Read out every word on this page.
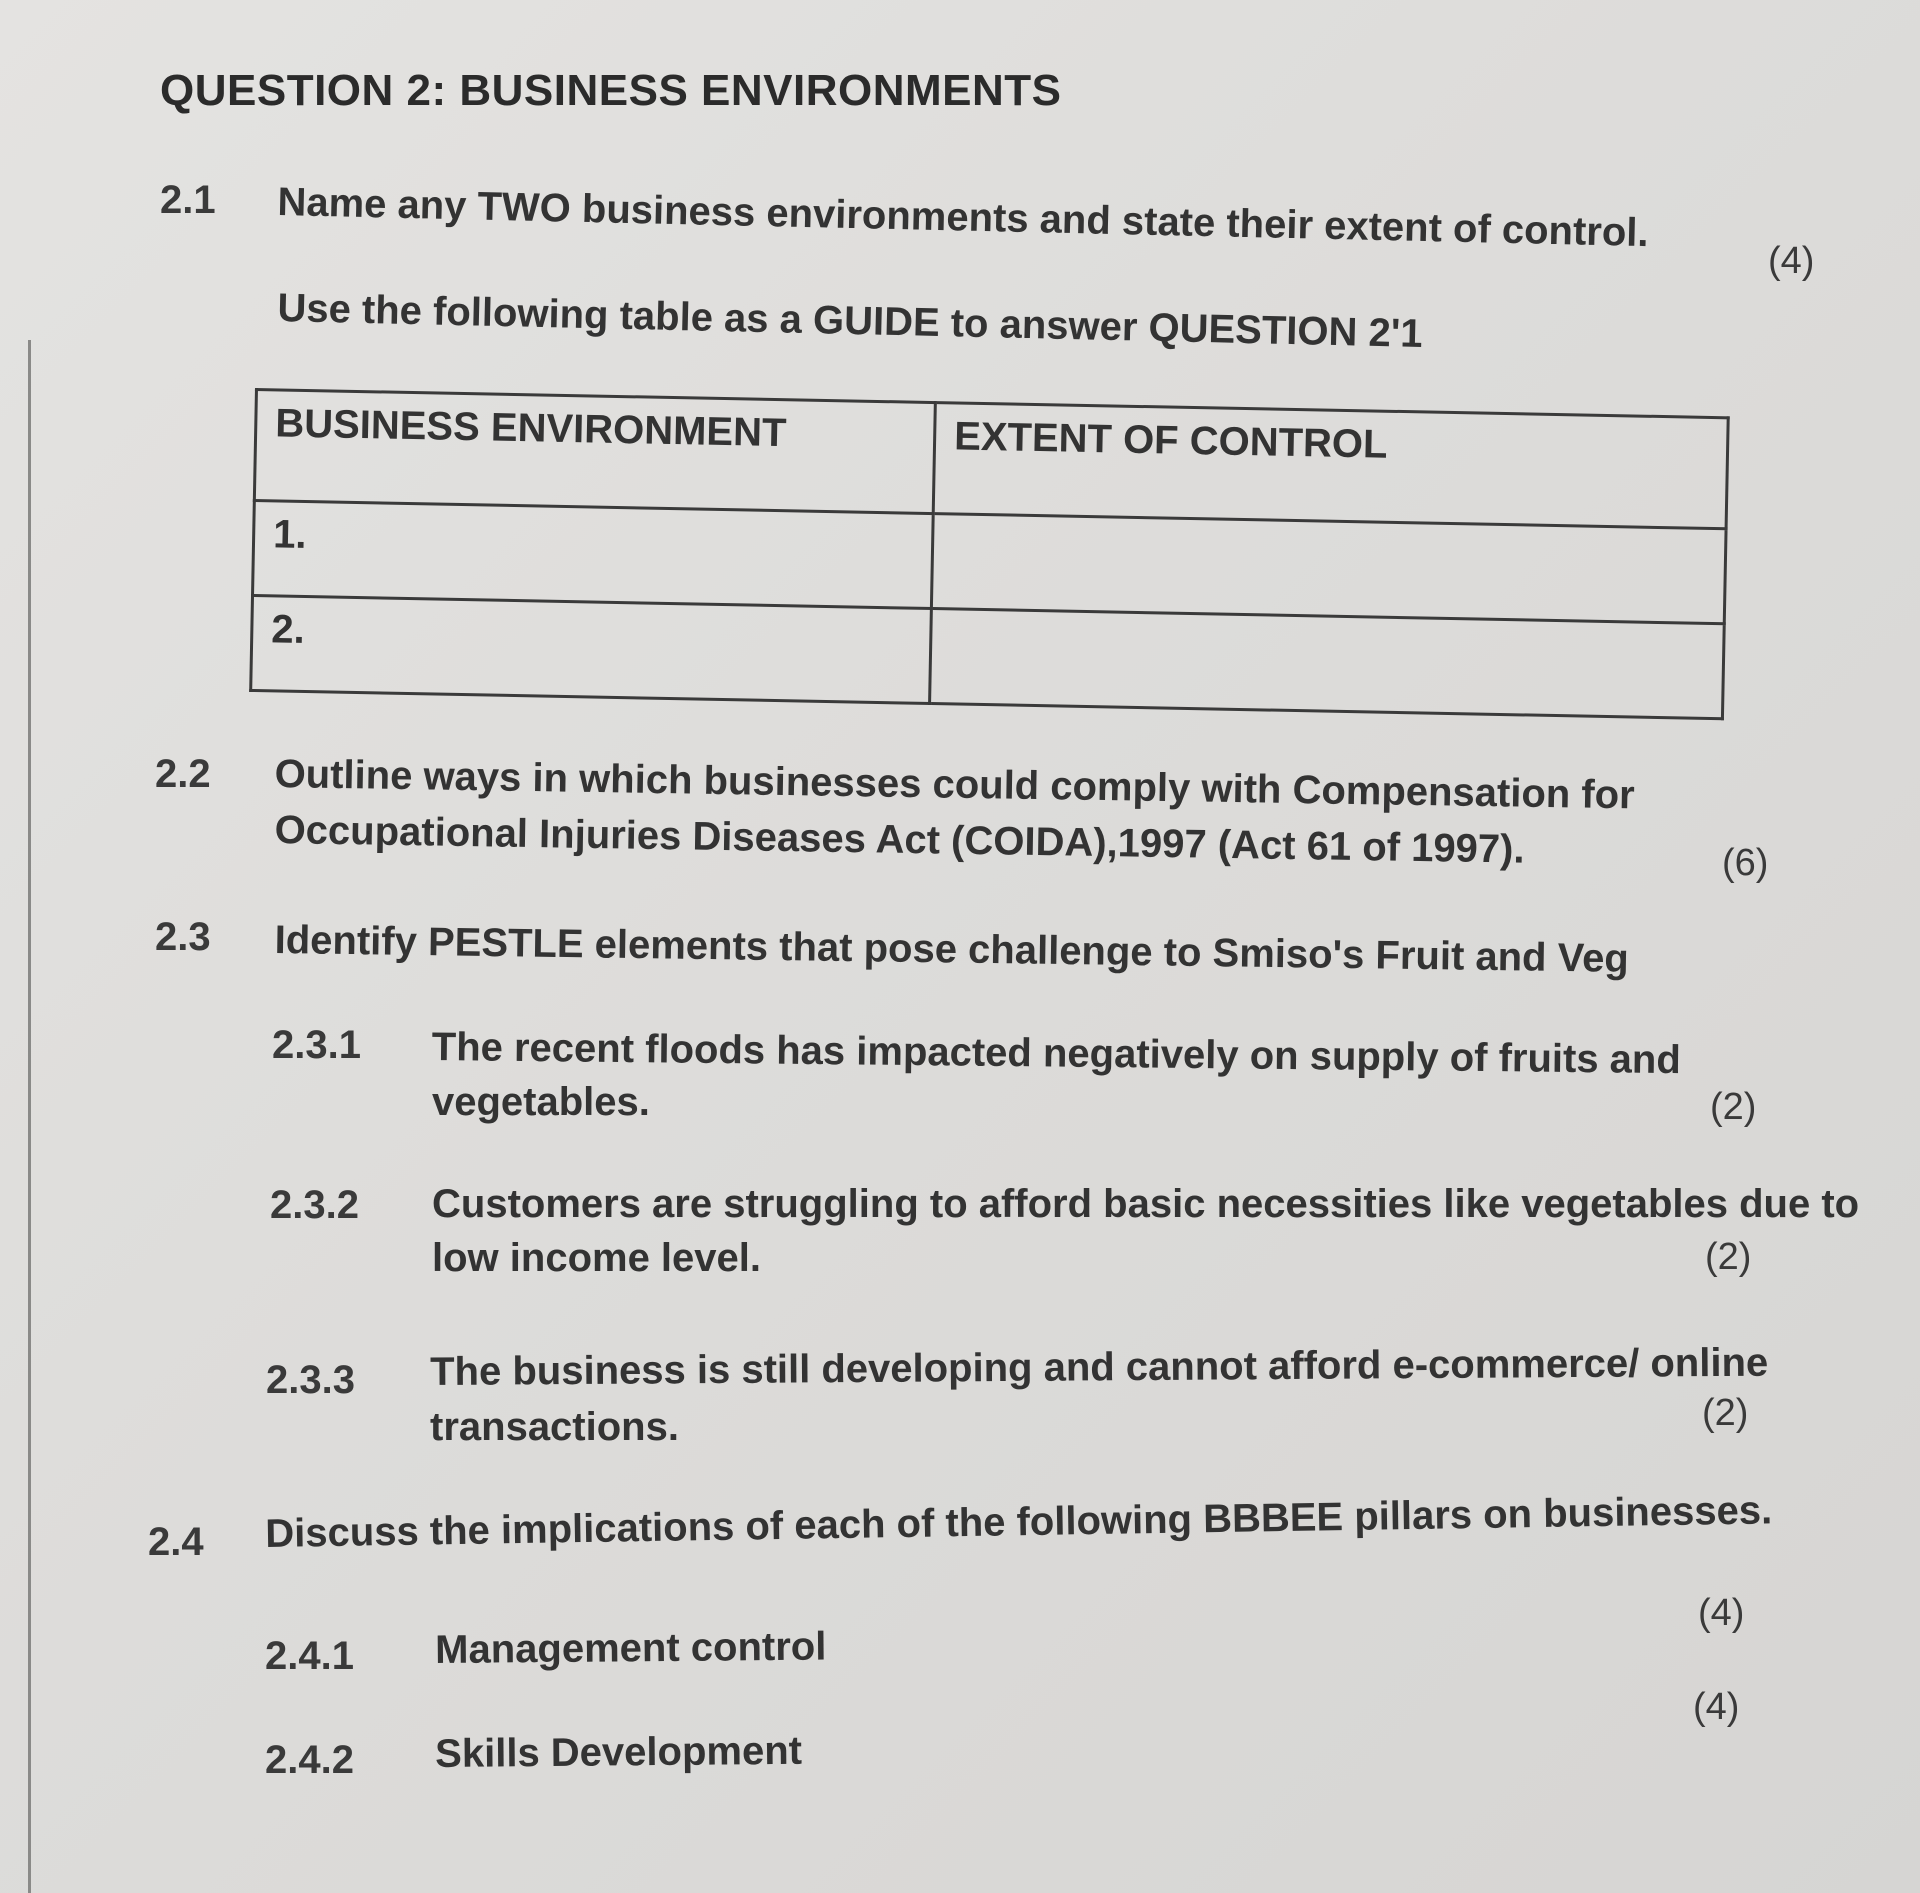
QUESTION 2: BUSINESS ENVIRONMENTS
2.1 Name any TWO business environments and state their extent of control.
(4)
Use the following table as a GUIDE to answer QUESTION 2'1
BUSINESS ENVIRONMENT	EXTENT OF CONTROL
1.	
2.	
2.2 Outline ways in which businesses could comply with Compensation for
Occupational Injuries Diseases Act (COIDA),1997 (Act 61 of 1997).	(6)
2.3 Identify PESTLE elements that pose challenge to Smiso's Fruit and Veg
2.3.1 The recent floods has impacted negatively on supply of fruits and
vegetables.	(2)
2.3.2 Customers are struggling to afford basic necessities like vegetables due to
low income level.	(2)
2.3.3 The business is still developing and cannot afford e-commerce/ online
transactions.	(2)
2.4 Discuss the implications of each of the following BBBEE pillars on businesses.
(4)
2.4.1 Management control
(4)
2.4.2 Skills Development
